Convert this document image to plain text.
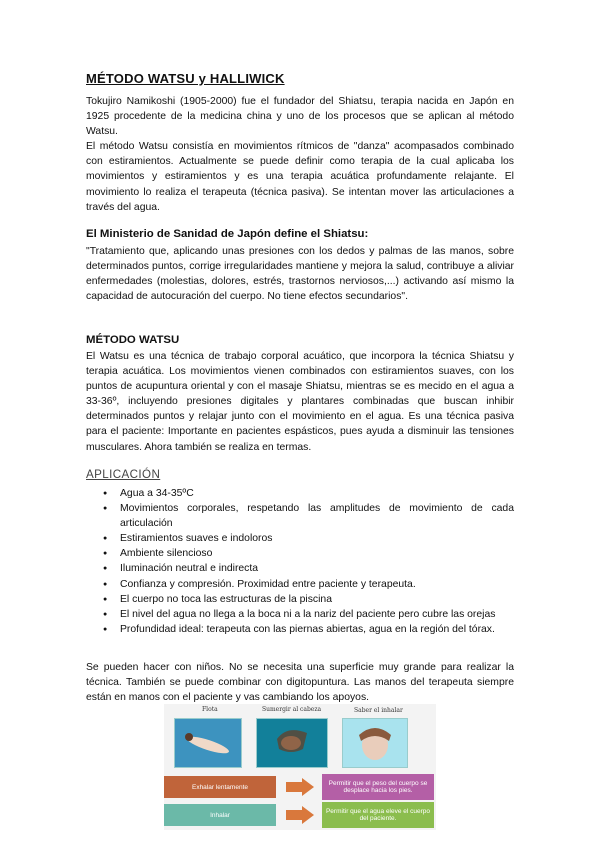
MÉTODO WATSU y HALLIWICK

Tokujiro Namikoshi (1905-2000) fue el fundador del Shiatsu, terapia nacida en Japón en 1925 procedente de la medicina china y uno de los procesos que se aplican al método Watsu.

El método Watsu consistía en movimientos rítmicos de "danza" acompasados combinado con estiramientos. Actualmente se puede definir como terapia de la cual aplicaba los movimientos y estiramientos y es una terapia acuática profundamente relajante. El movimiento lo realiza el terapeuta (técnica pasiva). Se intentan mover las articulaciones a través del agua.

El Ministerio de Sanidad de Japón define el Shiatsu:

"Tratamiento que, aplicando unas presiones con los dedos y palmas de las manos, sobre determinados puntos, corrige irregularidades mantiene y mejora la salud, contribuye a aliviar enfermedades (molestias, dolores, estrés, trastornos nerviosos,...) activando así mismo la capacidad de autocuración del cuerpo. No tiene efectos secundarios".

MÉTODO WATSU

El Watsu es una técnica de trabajo corporal acuático, que incorpora la técnica Shiatsu y terapia acuática. Los movimientos vienen combinados con estiramientos suaves, con los puntos de acupuntura oriental y con el masaje Shiatsu, mientras se es mecido en el agua a 33-36º, incluyendo presiones digitales y plantares combinadas que buscan inhibir determinados puntos y relajar junto con el movimiento en el agua. Es una técnica pasiva para el paciente: Importante en pacientes espásticos, pues ayuda a disminuir las tensiones musculares. Ahora también se realiza en termas.

APLICACIÓN
● Agua a 34-35ºC
● Movimientos corporales, respetando las amplitudes de movimiento de cada articulación
● Estiramientos suaves e indoloros
● Ambiente silencioso
● Iluminación neutral e indirecta
● Confianza y compresión. Proximidad entre paciente y terapeuta.
● El cuerpo no toca las estructuras de la piscina
● El nivel del agua no llega a la boca ni a la nariz del paciente pero cubre las orejas
● Profundidad ideal: terapeuta con las piernas abiertas, agua en la región del tórax.

Se pueden hacer con niños. No se necesita una superficie muy grande para realizar la técnica. También se puede combinar con digitopuntura. Las manos del terapeuta siempre están en manos con el paciente y vas cambiando los apoyos.

Flota	Sumergir al cabeza	Saber el inhalar
Exhalar lentamente	Permitir que el peso del cuerpo se desplace hacia los pies.
Inhalar	Permitir que el agua eleve el cuerpo del paciente.
